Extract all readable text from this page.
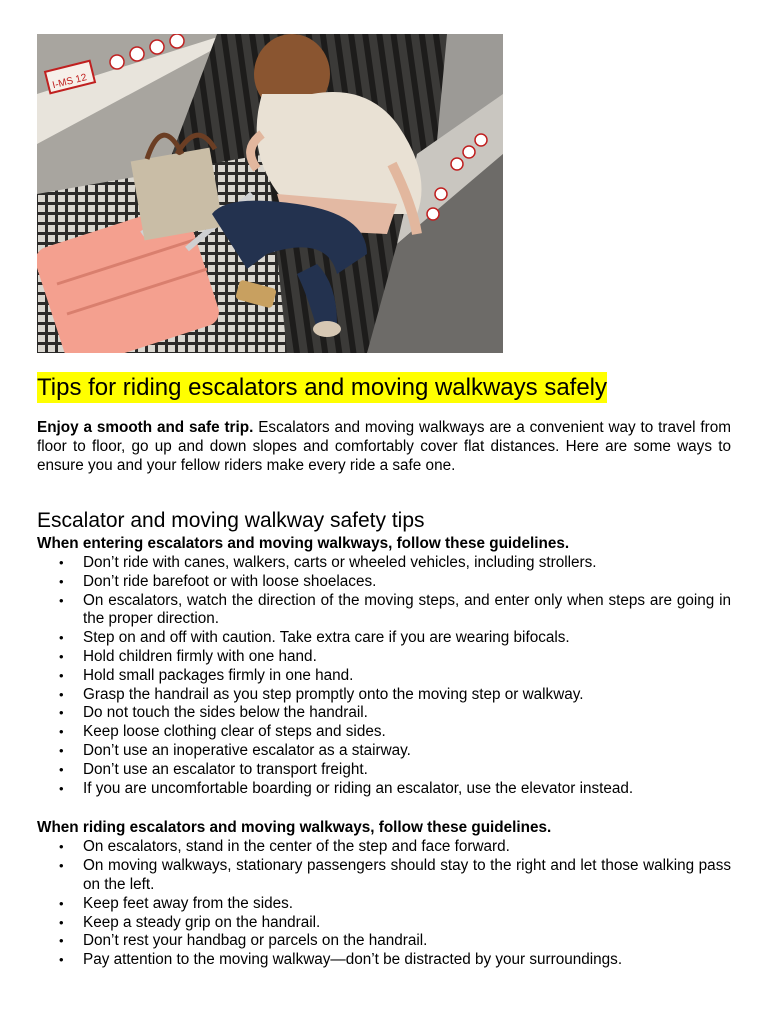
I-MS 12
Tips for riding escalators and moving walkways safely

Enjoy a smooth and safe trip. Escalators and moving walkways are a convenient way to travel from floor to floor, go up and down slopes and comfortably cover flat distances. Here are some ways to ensure you and your fellow riders make every ride a safe one.

Escalator and moving walkway safety tips

When entering escalators and moving walkways, follow these guidelines.

• Don’t ride with canes, walkers, carts or wheeled vehicles, including strollers.
• Don’t ride barefoot or with loose shoelaces.
• On escalators, watch the direction of the moving steps, and enter only when steps are going in the proper direction.
• Step on and off with caution. Take extra care if you are wearing bifocals.
• Hold children firmly with one hand.
• Hold small packages firmly in one hand.
• Grasp the handrail as you step promptly onto the moving step or walkway.
• Do not touch the sides below the handrail.
• Keep loose clothing clear of steps and sides.
• Don’t use an inoperative escalator as a stairway.
• Don’t use an escalator to transport freight.
• If you are uncomfortable boarding or riding an escalator, use the elevator instead.

When riding escalators and moving walkways, follow these guidelines.

• On escalators, stand in the center of the step and face forward.
• On moving walkways, stationary passengers should stay to the right and let those walking pass on the left.
• Keep feet away from the sides.
• Keep a steady grip on the handrail.
• Don’t rest your handbag or parcels on the handrail.
• Pay attention to the moving walkway—don’t be distracted by your surroundings.
